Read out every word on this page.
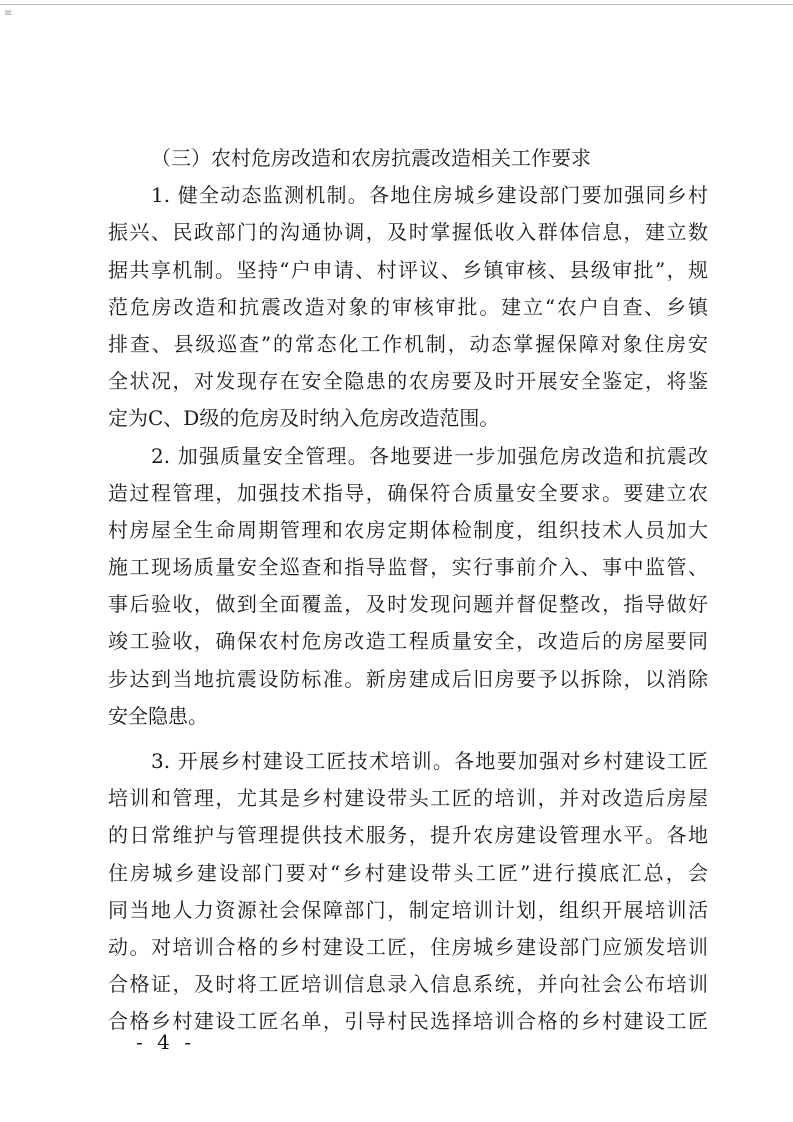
≡
（三）农村危房改造和农房抗震改造相关工作要求
1. 健全动态监测机制。各地住房城乡建设部门要加强同乡村
振兴、民政部门的沟通协调，及时掌握低收入群体信息，建立数
据共享机制。坚持“户申请、村评议、乡镇审核、县级审批”，规
范危房改造和抗震改造对象的审核审批。建立“农户自查、乡镇
排查、县级巡查”的常态化工作机制，动态掌握保障对象住房安
全状况，对发现存在安全隐患的农房要及时开展安全鉴定，将鉴
定为C、D级的危房及时纳入危房改造范围。
2. 加强质量安全管理。各地要进一步加强危房改造和抗震改
造过程管理，加强技术指导，确保符合质量安全要求。要建立农
村房屋全生命周期管理和农房定期体检制度，组织技术人员加大
施工现场质量安全巡查和指导监督，实行事前介入、事中监管、
事后验收，做到全面覆盖，及时发现问题并督促整改，指导做好
竣工验收，确保农村危房改造工程质量安全，改造后的房屋要同
步达到当地抗震设防标准。新房建成后旧房要予以拆除，以消除
安全隐患。
3. 开展乡村建设工匠技术培训。各地要加强对乡村建设工匠
培训和管理，尤其是乡村建设带头工匠的培训，并对改造后房屋
的日常维护与管理提供技术服务，提升农房建设管理水平。各地
住房城乡建设部门要对“乡村建设带头工匠”进行摸底汇总，会
同当地人力资源社会保障部门，制定培训计划，组织开展培训活
动。对培训合格的乡村建设工匠，住房城乡建设部门应颁发培训
合格证，及时将工匠培训信息录入信息系统，并向社会公布培训
合格乡村建设工匠名单，引导村民选择培训合格的乡村建设工匠
- 4 -
